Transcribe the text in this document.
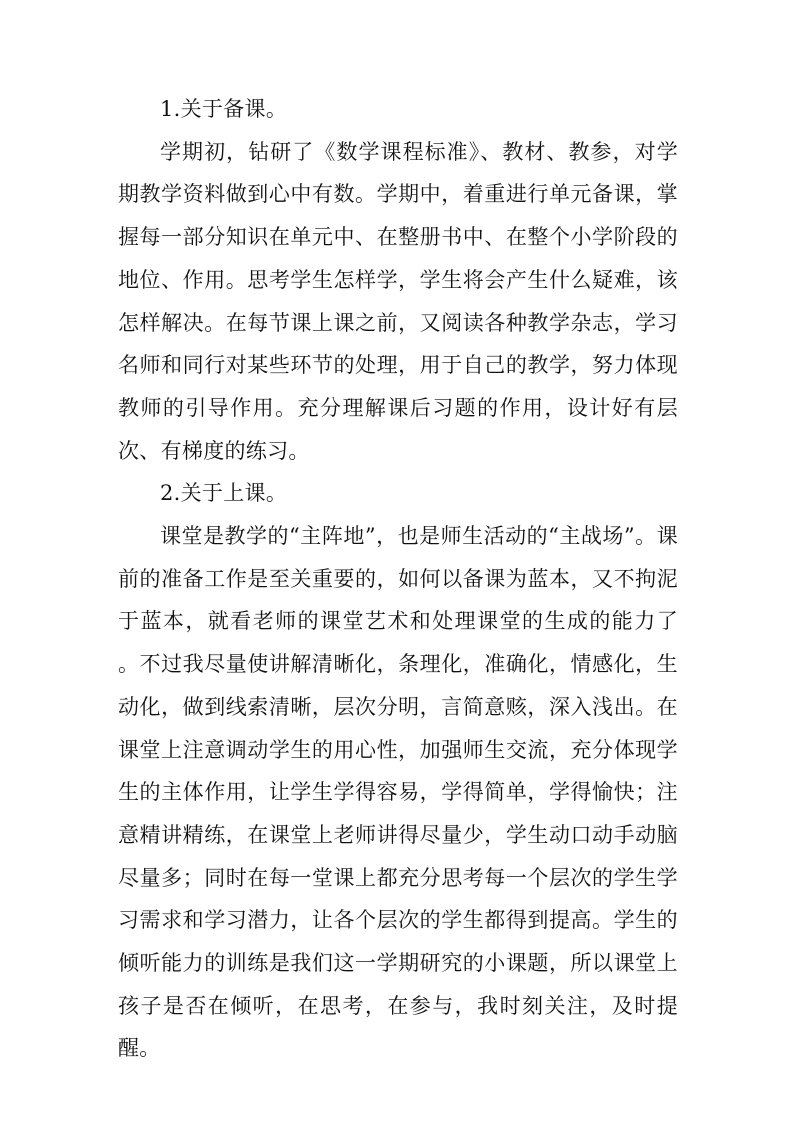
1.关于备课。

学期初，钻研了《数学课程标准》、教材、教参，对学期教学资料做到心中有数。学期中，着重进行单元备课，掌握每一部分知识在单元中、在整册书中、在整个小学阶段的地位、作用。思考学生怎样学，学生将会产生什么疑难，该怎样解决。在每节课上课之前，又阅读各种教学杂志，学习名师和同行对某些环节的处理，用于自己的教学，努力体现教师的引导作用。充分理解课后习题的作用，设计好有层次、有梯度的练习。

2.关于上课。

课堂是教学的“主阵地”，也是师生活动的“主战场”。课前的准备工作是至关重要的，如何以备课为蓝本，又不拘泥于蓝本，就看老师的课堂艺术和处理课堂的生成的能力了 。不过我尽量使讲解清晰化，条理化，准确化，情感化，生动化，做到线索清晰，层次分明，言简意赅，深入浅出。在课堂上注意调动学生的用心性，加强师生交流，充分体现学生的主体作用，让学生学得容易，学得简单，学得愉快；注意精讲精练，在课堂上老师讲得尽量少，学生动口动手动脑尽量多；同时在每一堂课上都充分思考每一个层次的学生学习需求和学习潜力，让各个层次的学生都得到提高。学生的倾听能力的训练是我们这一学期研究的小课题，所以课堂上孩子是否在倾听，在思考，在参与，我时刻关注，及时提醒。
